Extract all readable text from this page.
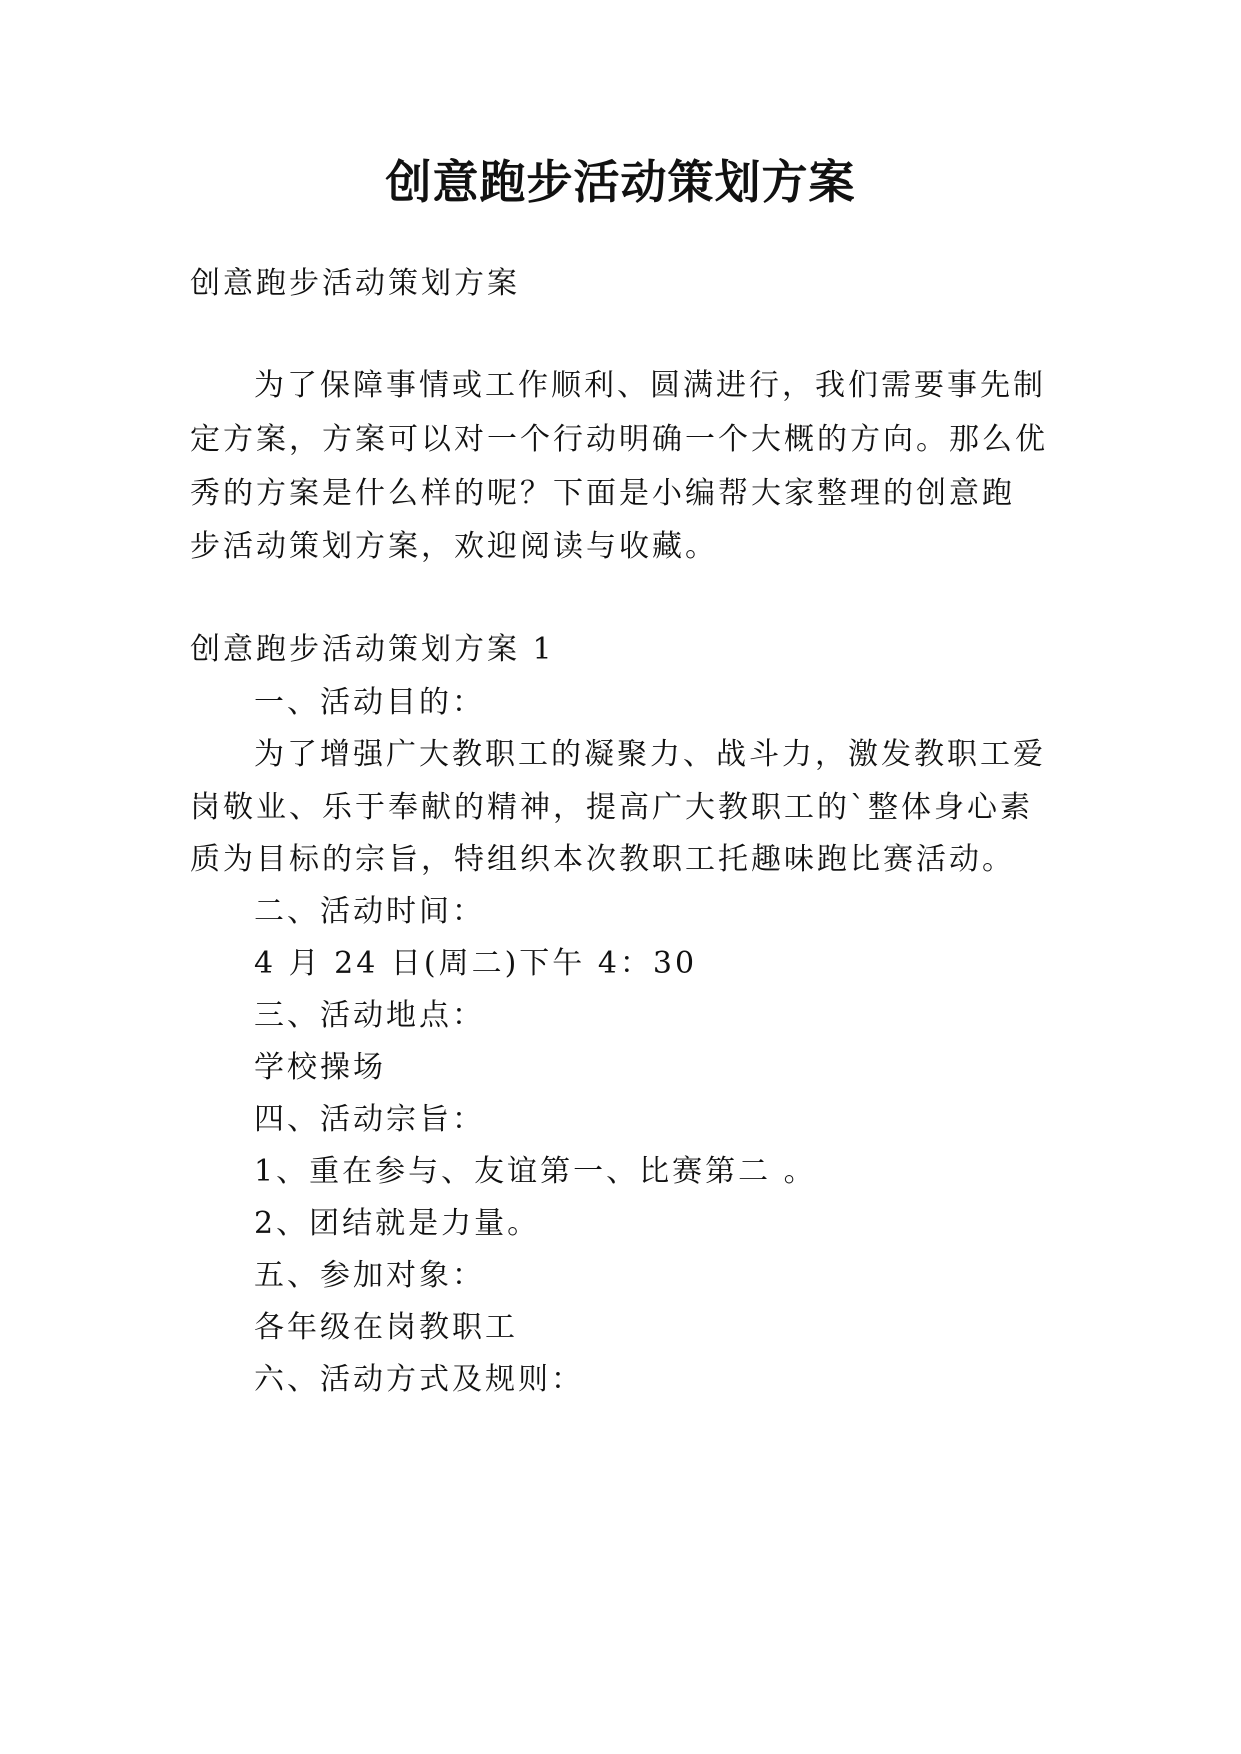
创意跑步活动策划方案
创意跑步活动策划方案
为了保障事情或工作顺利、圆满进行，我们需要事先制
定方案，方案可以对一个行动明确一个大概的方向。那么优
秀的方案是什么样的呢？下面是小编帮大家整理的创意跑
步活动策划方案，欢迎阅读与收藏。
创意跑步活动策划方案 1
一、活动目的：
为了增强广大教职工的凝聚力、战斗力，激发教职工爱
岗敬业、乐于奉献的精神，提高广大教职工的`整体身心素
质为目标的宗旨，特组织本次教职工托趣味跑比赛活动。
二、活动时间：
4 月 24 日(周二)下午 4：30
三、活动地点：
学校操场
四、活动宗旨：
1、重在参与、友谊第一、比赛第二 。
2、团结就是力量。
五、参加对象：
各年级在岗教职工
六、活动方式及规则：
